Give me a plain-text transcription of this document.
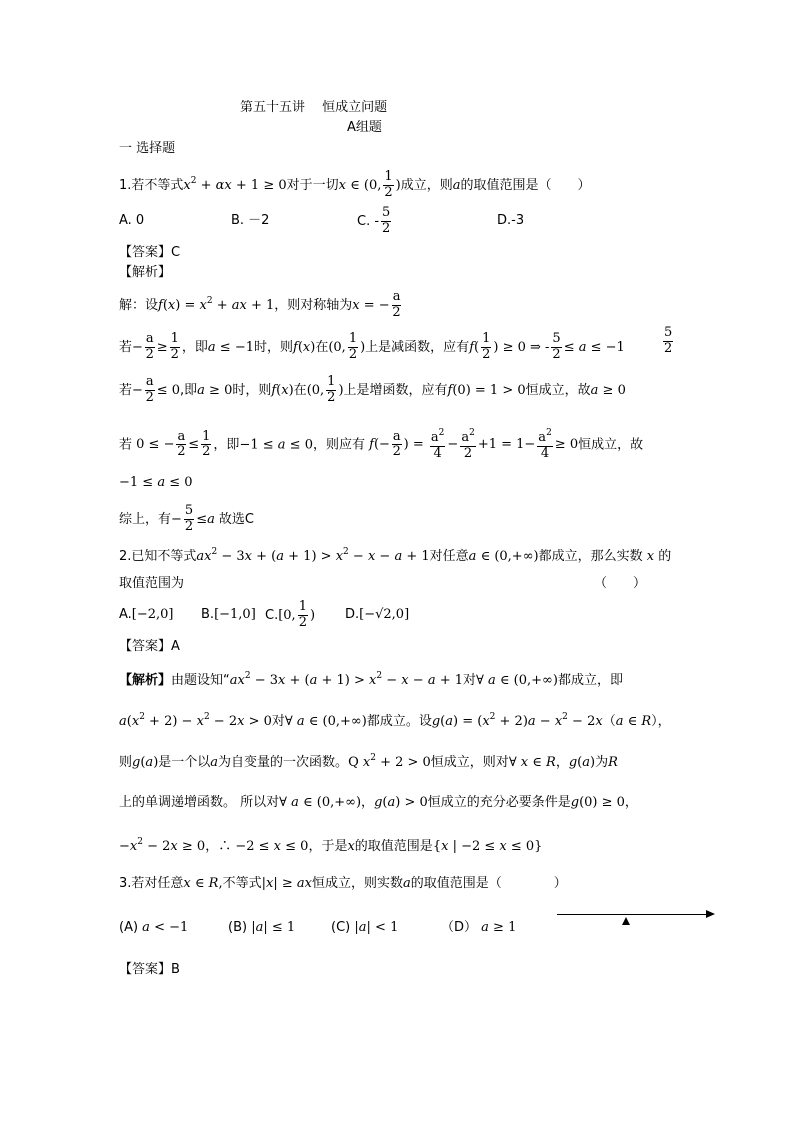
第五十五讲　 恒成立问题
A组题
一 选择题
1.若不等式$x^2 + \alpha x + 1 \ge 0$对于一切x ∈ (0, $\frac{1}{2}$ )成立，则a的取值范围是（　　）
A. 0	B. －2	C. - $\frac{5}{2}$	D.-3
【答案】C
【解析】
解：设$f(x) = x^2$ + ax + 1，则对称轴为x = − $\frac{a}{2}$
若− $\frac{a}{2} \ge \frac{1}{2}$ ，即a ≤ −1时，则f(x)在(0, $\frac{1}{2}$ )上是减函数，应有$f( \frac{1}{2}$ ) ≥ 0 ⇒ - $\frac{5}{2} \le a \le -1$	$\frac{5}{2}$
若− $\frac{a}{2} \le 0$,即a ≥ 0时，则f(x)在(0, $\frac{1}{2}$ )上是增函数，应有f(0) = 1 > 0恒成立，故a ≥ 0
若 0 ≤ − $\frac{a}{2} \le \frac{1}{2}$ ，即−1 ≤ a ≤ 0，则应有 $f(- \frac{a}{2}$ ) = $\frac{a^2}{4} - \frac{a^2}{2} +1 = 1- \frac{a^2}{4} \ge 0$恒成立，故
−1 ≤ a ≤ 0
综上，有− $\frac{5}{2} \le a$ 故选C
2.已知不等式$ax^2 - 3x + (a + 1) > x^2 - x - a + 1$对任意a ∈ (0,+∞)都成立，那么实数 x 的
取值范围为	（　　）
A.[−2,0] B.[−1,0] C.[0, $\frac{1}{2}$ ) D.[−√2,0]
【答案】A
【解析】由题设知“$ax^2 - 3x + (a + 1) > x^2 - x - a + 1$对∀ a ∈ (0,+∞)都成立，即
$a(x^2 + 2) - x^2 - 2x > 0$对∀ a ∈ (0,+∞)都成立。设$g(a) = (x^2 + 2)a - x^2 - 2x(a$ ∈ R），
则g(a)是一个以a为自变量的一次函数。Q $x^2 + 2 > 0$恒成立，则对∀ x ∈ R，g(a)为R
上的单调递增函数。 所以对∀ a ∈ (0,+∞)，g(a) > 0恒成立的充分必要条件是g(0) ≥ 0，
$-x^2 - 2x \ge 0$，∴ −2 ≤ x ≤ 0，于是x的取值范围是{x | −2 ≤ x ≤ 0}
3.若对任意x ∈ R,不等式|x| ≥ ax恒成立，则实数a的取值范围是（　　　　）
(A) a < −1	(B) |a| ≤ 1	(C) |a| < 1	（D） a ≥ 1
【答案】B
